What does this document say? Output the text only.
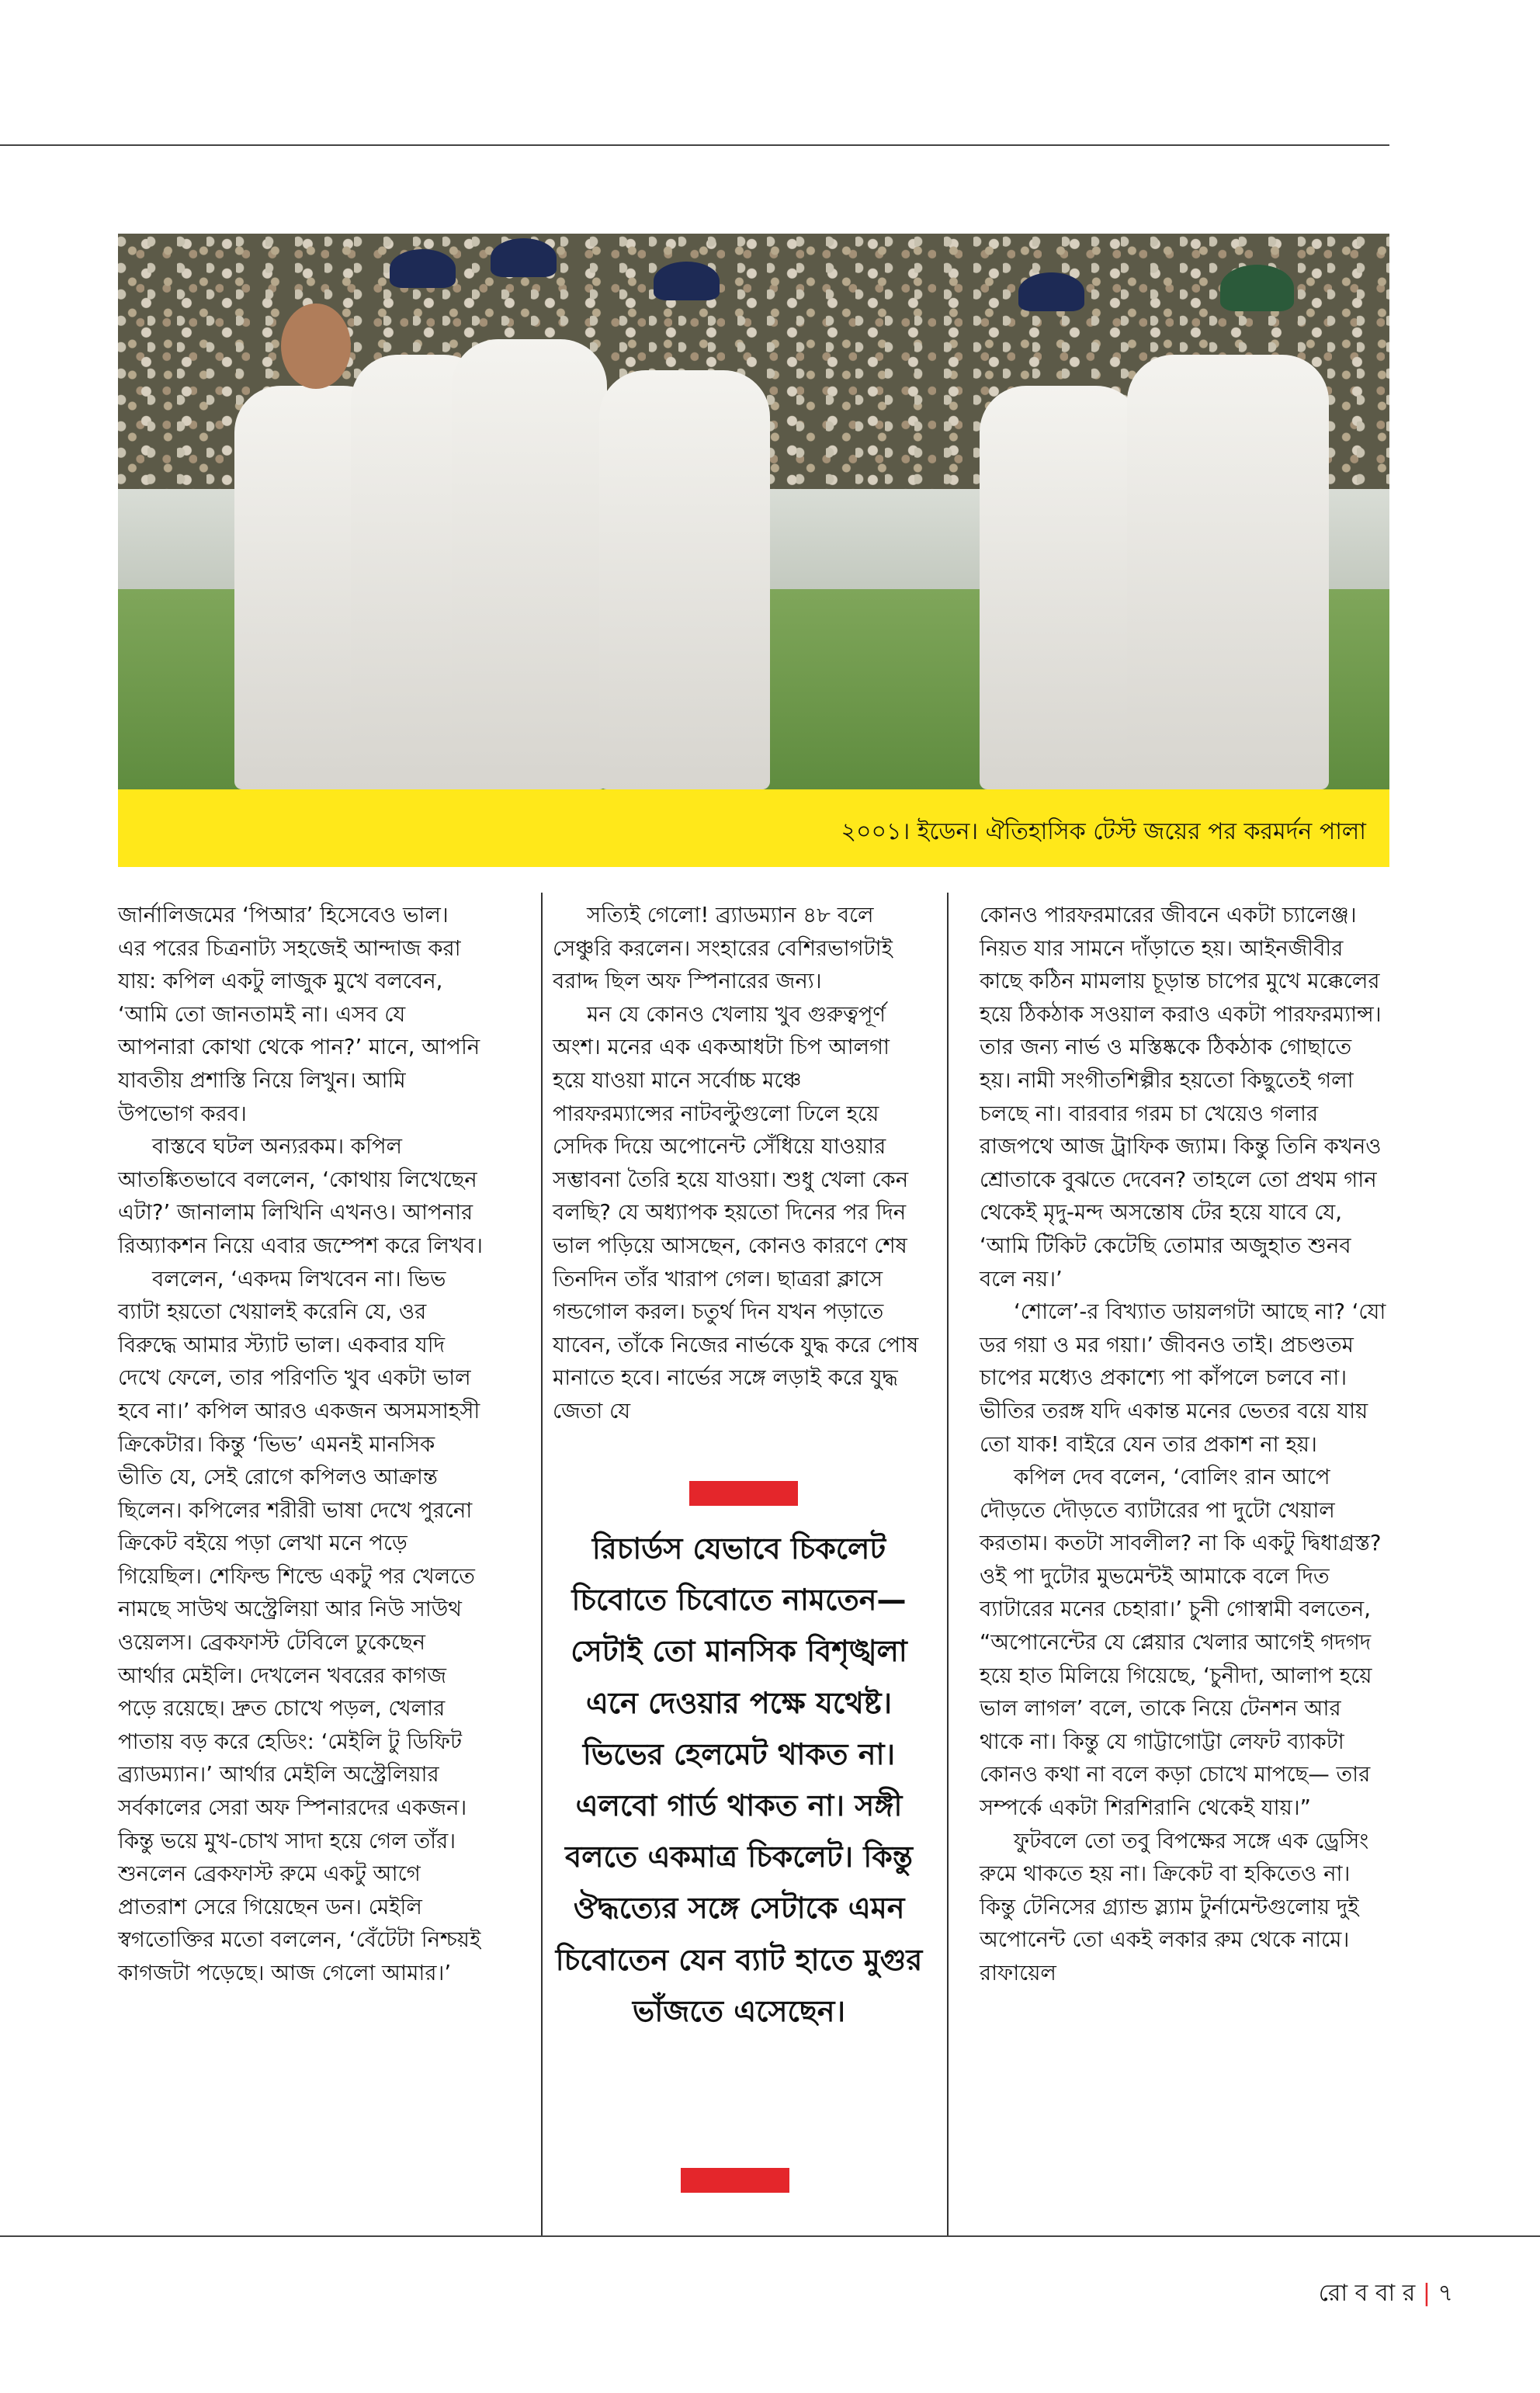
২০০১। ইডেন। ঐতিহাসিক টেস্ট জয়ের পর করমর্দন পালা

জার্নালিজমের ‘পিআর’ হিসেবেও ভাল। এর পরের চিত্রনাট্য সহজেই আন্দাজ করা যায়: কপিল একটু লাজুক মুখে বলবেন, ‘আমি তো জানতামই না। এসব যে আপনারা কোথা থেকে পান?’ মানে, আপনি যাবতীয় প্রশাস্তি নিয়ে লিখুন। আমি উপভোগ করব।

বাস্তবে ঘটল অন্যরকম। কপিল আতঙ্কিতভাবে বললেন, ‘কোথায় লিখেছেন এটা?’ জানালাম লিখিনি এখনও। আপনার রিঅ্যাকশন নিয়ে এবার জম্পেশ করে লিখব।

বললেন, ‘একদম লিখবেন না। ভিভ ব্যাটা হয়তো খেয়ালই করেনি যে, ওর বিরুদ্ধে আমার স্ট্যাট ভাল। একবার যদি দেখে ফেলে, তার পরিণতি খুব একটা ভাল হবে না।’ কপিল আরও একজন অসমসাহসী ক্রিকেটার। কিন্তু ‘ভিভ’ এমনই মানসিক ভীতি যে, সেই রোগে কপিলও আক্রান্ত ছিলেন। কপিলের শরীরী ভাষা দেখে পুরনো ক্রিকেট বইয়ে পড়া লেখা মনে পড়ে গিয়েছিল। শেফিল্ড শিল্ডে একটু পর খেলতে নামছে সাউথ অস্ট্রেলিয়া আর নিউ সাউথ ওয়েলস। ব্রেকফাস্ট টেবিলে ঢুকেছেন আর্থার মেইলি। দেখলেন খবরের কাগজ পড়ে রয়েছে। দ্রুত চোখে পড়ল, খেলার পাতায় বড় করে হেডিং: ‘মেইলি টু ডিফিট ব্র্যাডম্যান।’ আর্থার মেইলি অস্ট্রেলিয়ার সর্বকালের সেরা অফ স্পিনারদের একজন। কিন্তু ভয়ে মুখ-চোখ সাদা হয়ে গেল তাঁর। শুনলেন ব্রেকফাস্ট রুমে একটু আগে প্রাতরাশ সেরে গিয়েছেন ডন। মেইলি স্বগতোক্তির মতো বললেন, ‘বেঁটেটা নিশ্চয়ই কাগজটা পড়েছে। আজ গেলো আমার।’

সত্যিই গেলো! ব্র্যাডম্যান ৪৮ বলে সেঞ্চুরি করলেন। সংহারের বেশিরভাগটাই বরাদ্দ ছিল অফ স্পিনারের জন্য।

মন যে কোনও খেলায় খুব গুরুত্বপূর্ণ অংশ। মনের এক একআধটা চিপ আলগা হয়ে যাওয়া মানে সর্বোচ্চ মঞ্চে পারফরম্যান্সের নাটবল্টুগুলো ঢিলে হয়ে সেদিক দিয়ে অপোনেন্ট সেঁধিয়ে যাওয়ার সম্ভাবনা তৈরি হয়ে যাওয়া। শুধু খেলা কেন বলছি? যে অধ্যাপক হয়তো দিনের পর দিন ভাল পড়িয়ে আসছেন, কোনও কারণে শেষ তিনদিন তাঁর খারাপ গেল। ছাত্ররা ক্লাসে গন্ডগোল করল। চতুর্থ দিন যখন পড়াতে যাবেন, তাঁকে নিজের নার্ভকে যুদ্ধ করে পোষ মানাতে হবে। নার্ভের সঙ্গে লড়াই করে যুদ্ধ জেতা যে

রিচার্ডস যেভাবে চিকলেট চিবোতে চিবোতে নামতেন— সেটাই তো মানসিক বিশৃঙ্খলা এনে দেওয়ার পক্ষে যথেষ্ট। ভিভের হেলমেট থাকত না। এলবো গার্ড থাকত না। সঙ্গী বলতে একমাত্র চিকলেট। কিন্তু ঔদ্ধত্যের সঙ্গে সেটাকে এমন চিবোতেন যেন ব্যাট হাতে মুগুর ভাঁজতে এসেছেন।

কোনও পারফরমারের জীবনে একটা চ্যালেঞ্জ। নিয়ত যার সামনে দাঁড়াতে হয়। আইনজীবীর কাছে কঠিন মামলায় চূড়ান্ত চাপের মুখে মক্কেলের হয়ে ঠিকঠাক সওয়াল করাও একটা পারফরম্যান্স। তার জন্য নার্ভ ও মস্তিষ্ককে ঠিকঠাক গোছাতে হয়। নামী সংগীতশিল্পীর হয়তো কিছুতেই গলা চলছে না। বারবার গরম চা খেয়েও গলার রাজপথে আজ ট্রাফিক জ্যাম। কিন্তু তিনি কখনও শ্রোতাকে বুঝতে দেবেন? তাহলে তো প্রথম গান থেকেই মৃদু-মন্দ অসন্তোষ টের হয়ে যাবে যে, ‘আমি টিকিট কেটেছি তোমার অজুহাত শুনব বলে নয়।’

‘শোলে’-র বিখ্যাত ডায়লগটা আছে না? ‘যো ডর গয়া ও মর গয়া।’ জীবনও তাই। প্রচণ্ডতম চাপের মধ্যেও প্রকাশ্যে পা কাঁপলে চলবে না। ভীতির তরঙ্গ যদি একান্ত মনের ভেতর বয়ে যায় তো যাক! বাইরে যেন তার প্রকাশ না হয়।

কপিল দেব বলেন, ‘বোলিং রান আপে দৌড়তে দৌড়তে ব্যাটারের পা দুটো খেয়াল করতাম। কতটা সাবলীল? না কি একটু দ্বিধাগ্রস্ত? ওই পা দুটোর মুভমেন্টই আমাকে বলে দিত ব্যাটারের মনের চেহারা।’ চুনী গোস্বামী বলতেন, “অপোনেন্টের যে প্লেয়ার খেলার আগেই গদগদ হয়ে হাত মিলিয়ে গিয়েছে, ‘চুনীদা, আলাপ হয়ে ভাল লাগল’ বলে, তাকে নিয়ে টেনশন আর থাকে না। কিন্তু যে গাট্টাগোট্টা লেফট ব্যাকটা কোনও কথা না বলে কড়া চোখে মাপছে— তার সম্পর্কে একটা শিরশিরানি থেকেই যায়।”

ফুটবলে তো তবু বিপক্ষের সঙ্গে এক ড্রেসিং রুমে থাকতে হয় না। ক্রিকেট বা হকিতেও না। কিন্তু টেনিসের গ্র্যান্ড স্ল্যাম টুর্নামেন্টগুলোয় দুই অপোনেন্ট তো একই লকার রুম থেকে নামে। রাফায়েল

রো ব বা র | ৭
